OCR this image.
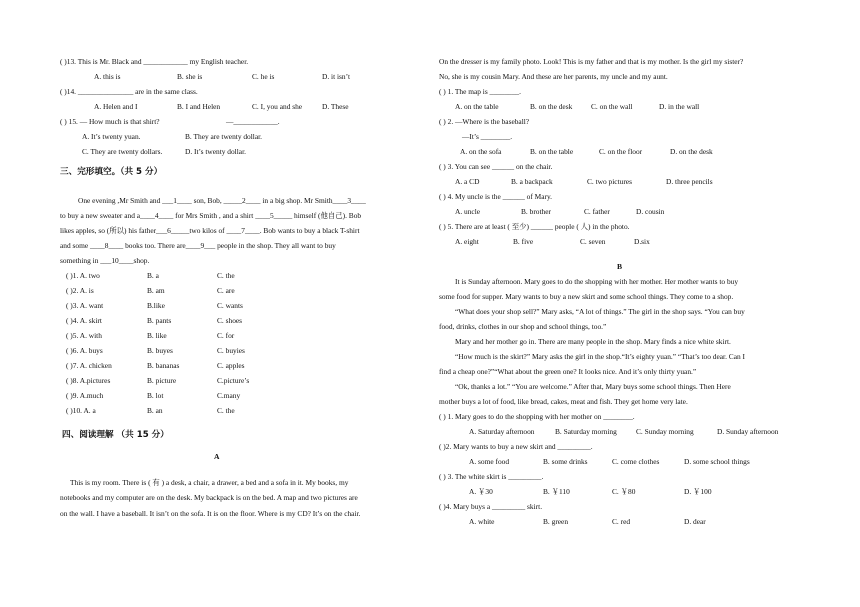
( )13. This is Mr. Black and ____________ my English teacher.
A. this is	B. she is	C. he is	D. it isn’t
( )14. _______________ are in the same class.
A. Helen and I	B. I and Helen	C. I, you and she	D. These
( ) 15. — How much is that shirt?	—____________.
A. It’s twenty yuan.	B. They are twenty dollar.
C. They are twenty dollars.	D. It’s twenty dollar.
三、完形填空。（共 5 分）
One evening ,Mr Smith and ___1____ son, Bob, _____2____ in a big shop. Mr Smith____3____
to buy a new sweater and a____4____ for Mrs Smith , and a shirt ____5_____ himself (他自己). Bob
likes apples, so (所以) his father___6_____two kilos of ____7____. Bob wants to buy a black T-shirt
and some ____8____ books too. There are____9___ people in the shop. They all want to buy
something in ___10____shop.
( )1. A. two	B. a	C. the
( )2. A. is	B. am	C. are
( )3. A. want	B.like	C. wants
( )4. A. skirt	B. pants	C. shoes
( )5. A. with	B. like	C. for
( )6. A. buys	B. buyes	C. buyies
( )7. A. chicken	B. bananas	C. apples
( )8. A.pictures	B. picture	C.picture’s
( )9. A.much	B. lot	C.many
( )10. A. a	B. an	C. the
四、阅读理解 （共 15 分）
A
This is my room. There is ( 有 ) a desk, a chair, a drawer, a bed and a sofa in it. My books, my
notebooks and my computer are on the desk. My backpack is on the bed. A map and two pictures are
on the wall. I have a baseball. It isn’t on the sofa. It is on the floor. Where is my CD? It’s on the chair.
On the dresser is my family photo. Look! This is my father and that is my mother. Is the girl my sister?
No, she is my cousin Mary. And these are her parents, my uncle and my aunt.
( ) 1. The map is ________.
A. on the table	B. on the desk	C. on the wall	D. in the wall
( ) 2. —Where is the baseball?
—It’s ________.
A. on the sofa	B. on the table	C. on the floor	D. on the desk
( ) 3. You can see ______ on the chair.
A. a CD	B. a backpack	C. two pictures	D. three pencils
( ) 4. My uncle is the ______ of Mary.
A. uncle	B. brother	C. father	D. cousin
( ) 5. There are at least ( 至少) ______ people ( 人) in the photo.
A. eight	B. five	C. seven	D.six
B
It is Sunday afternoon. Mary goes to do the shopping with her mother. Her mother wants to buy
some food for supper. Mary wants to buy a new skirt and some school things. They come to a shop.
“What does your shop sell?” Mary asks, “A lot of things.” The girl in the shop says. “You can buy
food, drinks, clothes in our shop and school things, too.”
Mary and her mother go in. There are many people in the shop. Mary finds a nice white skirt.
“How much is the skirt?” Mary asks the girl in the shop.“It’s eighty yuan.” “That’s too dear. Can I
find a cheap one?”“What about the green one? It looks nice. And it’s only thirty yuan.”
“Ok, thanks a lot.” “You are welcome.” After that, Mary buys some school things. Then Here
mother buys a lot of food, like bread, cakes, meat and fish. They get home very late.
( ) 1. Mary goes to do the shopping with her mother on ________.
A. Saturday afternoon	B. Saturday morning	C. Sunday morning	D. Sunday afternoon
( )2. Mary wants to buy a new skirt and _________.
A. some food	B. some drinks	C. come clothes	D. some school things
( ) 3. The white skirt is _________.
A. ￥30	B. ￥110	C. ￥80	D. ￥100
( )4. Mary buys a _________ skirt.
A. white	B. green	C. red	D. dear
